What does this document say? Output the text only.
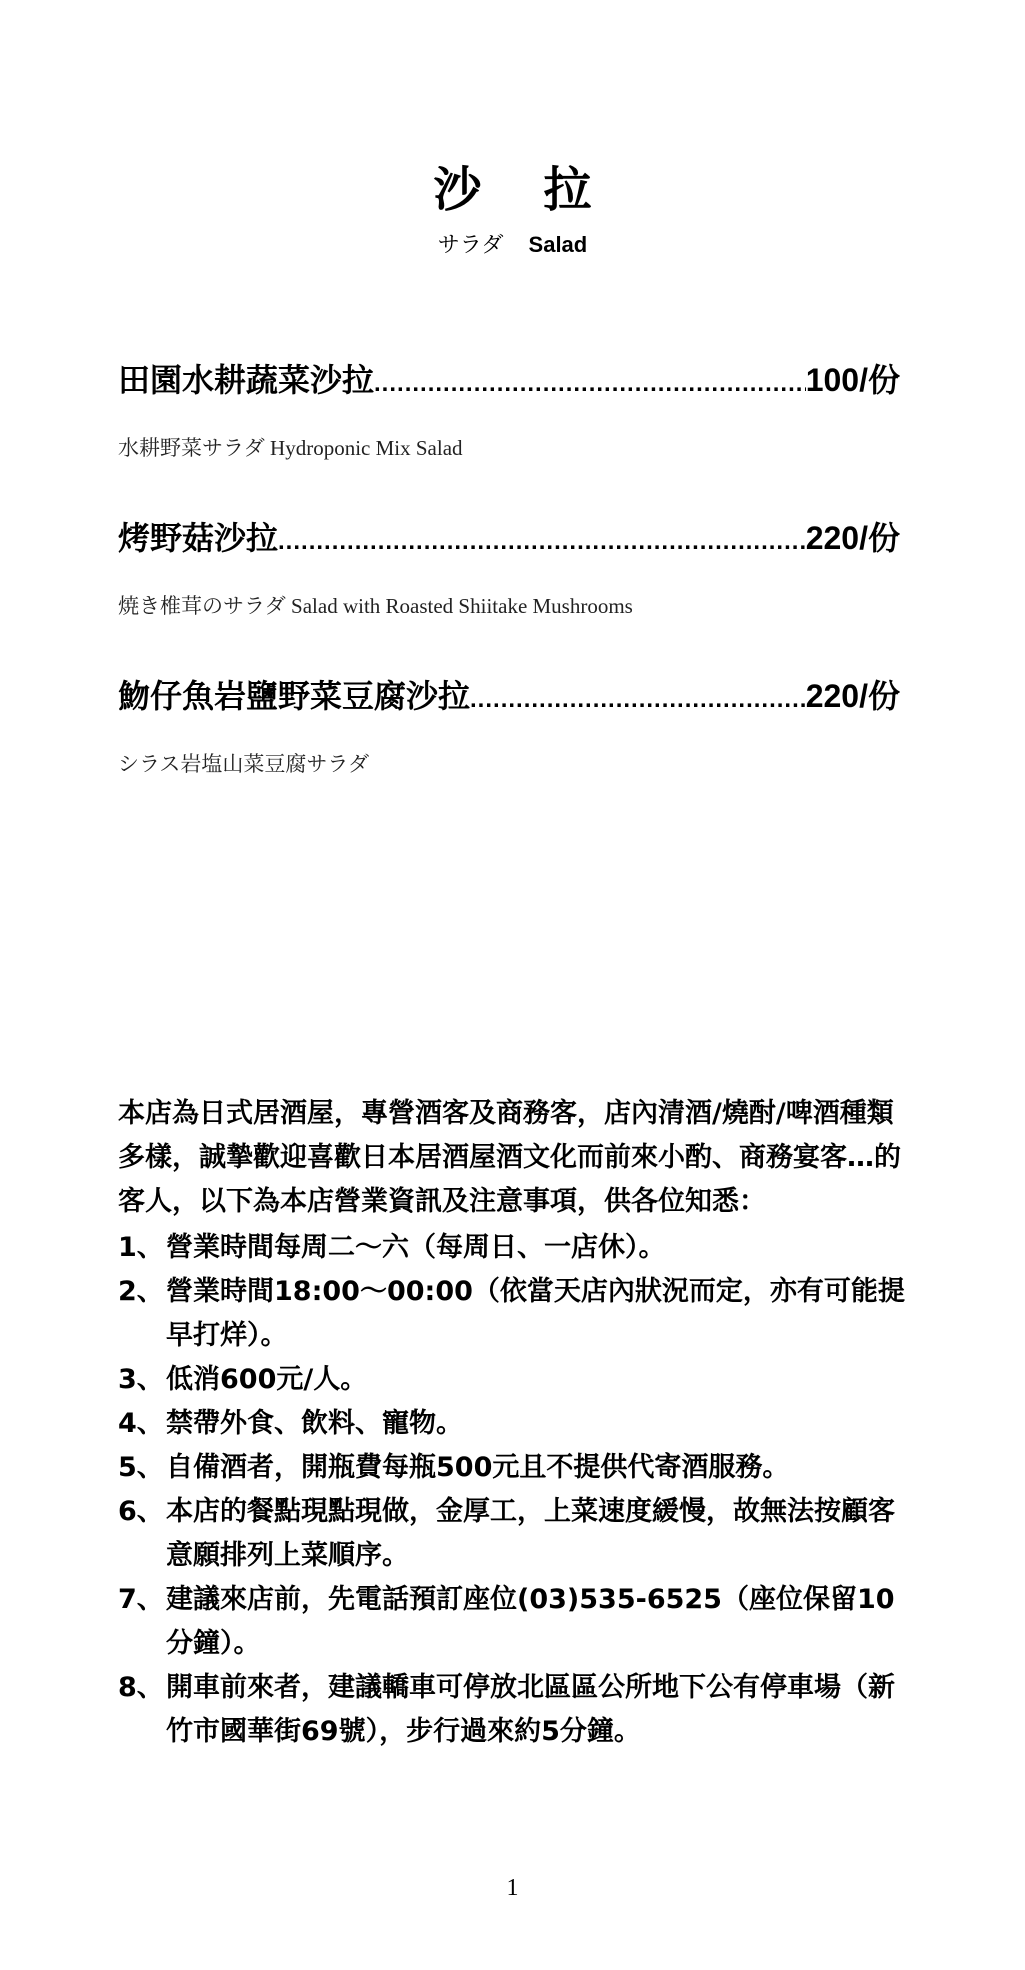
沙拉
サラダ Salad
田園水耕蔬菜沙拉 .....	100/份
水耕野菜サラダ Hydroponic Mix Salad
烤野菇沙拉 .....	220/份
焼き椎茸のサラダ Salad with Roasted Shiitake Mushrooms
魩仔魚岩鹽野菜豆腐沙拉 .....	220/份
シラス岩塩山菜豆腐サラダ
本店為日式居酒屋，專營酒客及商務客，店內清酒/燒酎/啤酒種類多樣，誠摯歡迎喜歡日本居酒屋酒文化而前來小酌、商務宴客…的客人，以下為本店營業資訊及注意事項，供各位知悉：
1、 營業時間每周二～六（每周日、一店休）。
2、 營業時間18:00～00:00（依當天店內狀況而定，亦有可能提早打烊）。
3、 低消600元/人。
4、 禁帶外食、飲料、寵物。
5、 自備酒者，開瓶費每瓶500元且不提供代寄酒服務。
6、 本店的餐點現點現做，金厚工，上菜速度緩慢，故無法按顧客意願排列上菜順序。
7、 建議來店前，先電話預訂座位(03)535-6525（座位保留10分鐘）。
8、 開車前來者，建議轎車可停放北區區公所地下公有停車場（新竹市國華街69號），步行過來約5分鐘。
1
